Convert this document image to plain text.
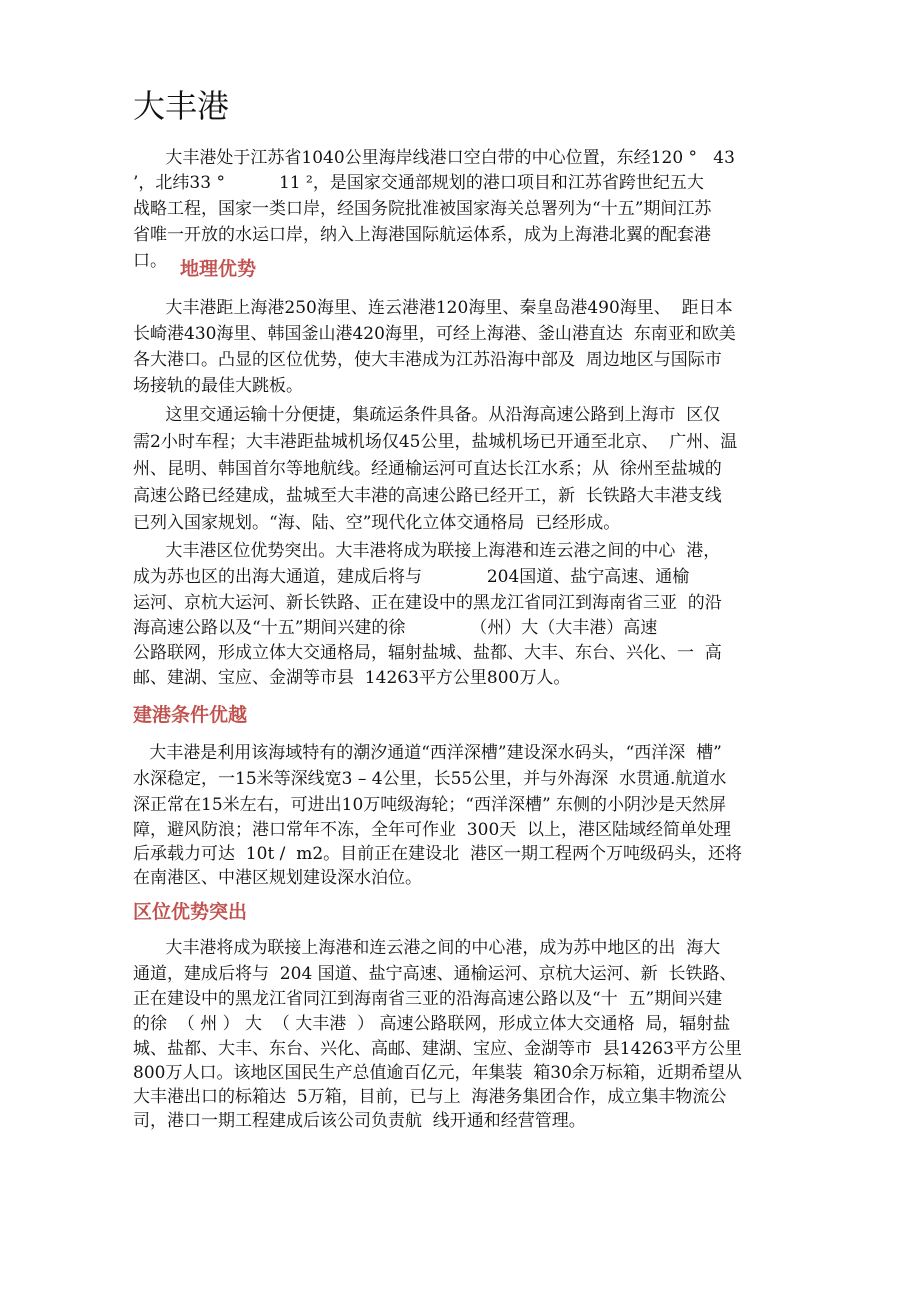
大丰港
大丰港处于江苏省1040公里海岸线港口空白带的中心位置，东经120 °   43
’，北纬33 °          11 ²，是国家交通部规划的港口项目和江苏省跨世纪五大
战略工程，国家一类口岸，经国务院批准被国家海关总署列为“十五”期间江苏
省唯一开放的水运口岸，纳入上海港国际航运体系，成为上海港北翼的配套港
口。 地理优势
大丰港距上海港250海里、连云港港120海里、秦皇岛港490海里、  距日本
长崎港430海里、韩国釜山港420海里，可经上海港、釜山港直达  东南亚和欧美
各大港口。凸显的区位优势，使大丰港成为江苏沿海中部及  周边地区与国际市
场接轨的最佳大跳板。
这里交通运输十分便捷，集疏运条件具备。从沿海高速公路到上海市  区仅
需2小时车程；大丰港距盐城机场仅45公里，盐城机场已开通至北京、  广州、温
州、昆明、韩国首尔等地航线。经通榆运河可直达长江水系；从  徐州至盐城的
高速公路已经建成，盐城至大丰港的高速公路已经开工，新  长铁路大丰港支线
已列入国家规划。“海、陆、空”现代化立体交通格局  已经形成。
大丰港区位优势突出。大丰港将成为联接上海港和连云港之间的中心  港，
成为苏也区的出海大通道，建成后将与            204国道、盐宁高速、通榆
运河、京杭大运河、新长铁路、正在建设中的黑龙江省同江到海南省三亚  的沿
海高速公路以及“十五”期间兴建的徐            （州）大（大丰港）高速
公路联网，形成立体大交通格局，辐射盐城、盐都、大丰、东台、兴化、一  高
邮、建湖、宝应、金湖等市县  14263平方公里800万人。
建港条件优越
大丰港是利用该海域特有的潮汐通道“西洋深槽”建设深水码头，“西洋深  槽”
水深稳定，一15米等深线宽3 – 4公里，长55公里，并与外海深  水贯通.航道水
深正常在15米左右，可进出10万吨级海轮；“西洋深槽” 东侧的小阴沙是天然屏
障，避风防浪；港口常年不冻，全年可作业  300天  以上，港区陆域经简单处理
后承载力可达  10t /  m2。目前正在建设北  港区一期工程两个万吨级码头，还将
在南港区、中港区规划建设深水泊位。
区位优势突出
大丰港将成为联接上海港和连云港之间的中心港，成为苏中地区的出  海大
通道，建成后将与  204 国道、盐宁高速、通榆运河、京杭大运河、新  长铁路、
正在建设中的黑龙江省同江到海南省三亚的沿海高速公路以及“十  五”期间兴建
的徐  （ 州 ） 大  （ 大丰港  ） 高速公路联网，形成立体大交通格  局，辐射盐
城、盐都、大丰、东台、兴化、高邮、建湖、宝应、金湖等市  县14263平方公里
800万人口。该地区国民生产总值逾百亿元，年集装  箱30余万标箱，近期希望从
大丰港出口的标箱达  5万箱，目前，已与上  海港务集团合作，成立集丰物流公
司，港口一期工程建成后该公司负责航  线开通和经营管理。
